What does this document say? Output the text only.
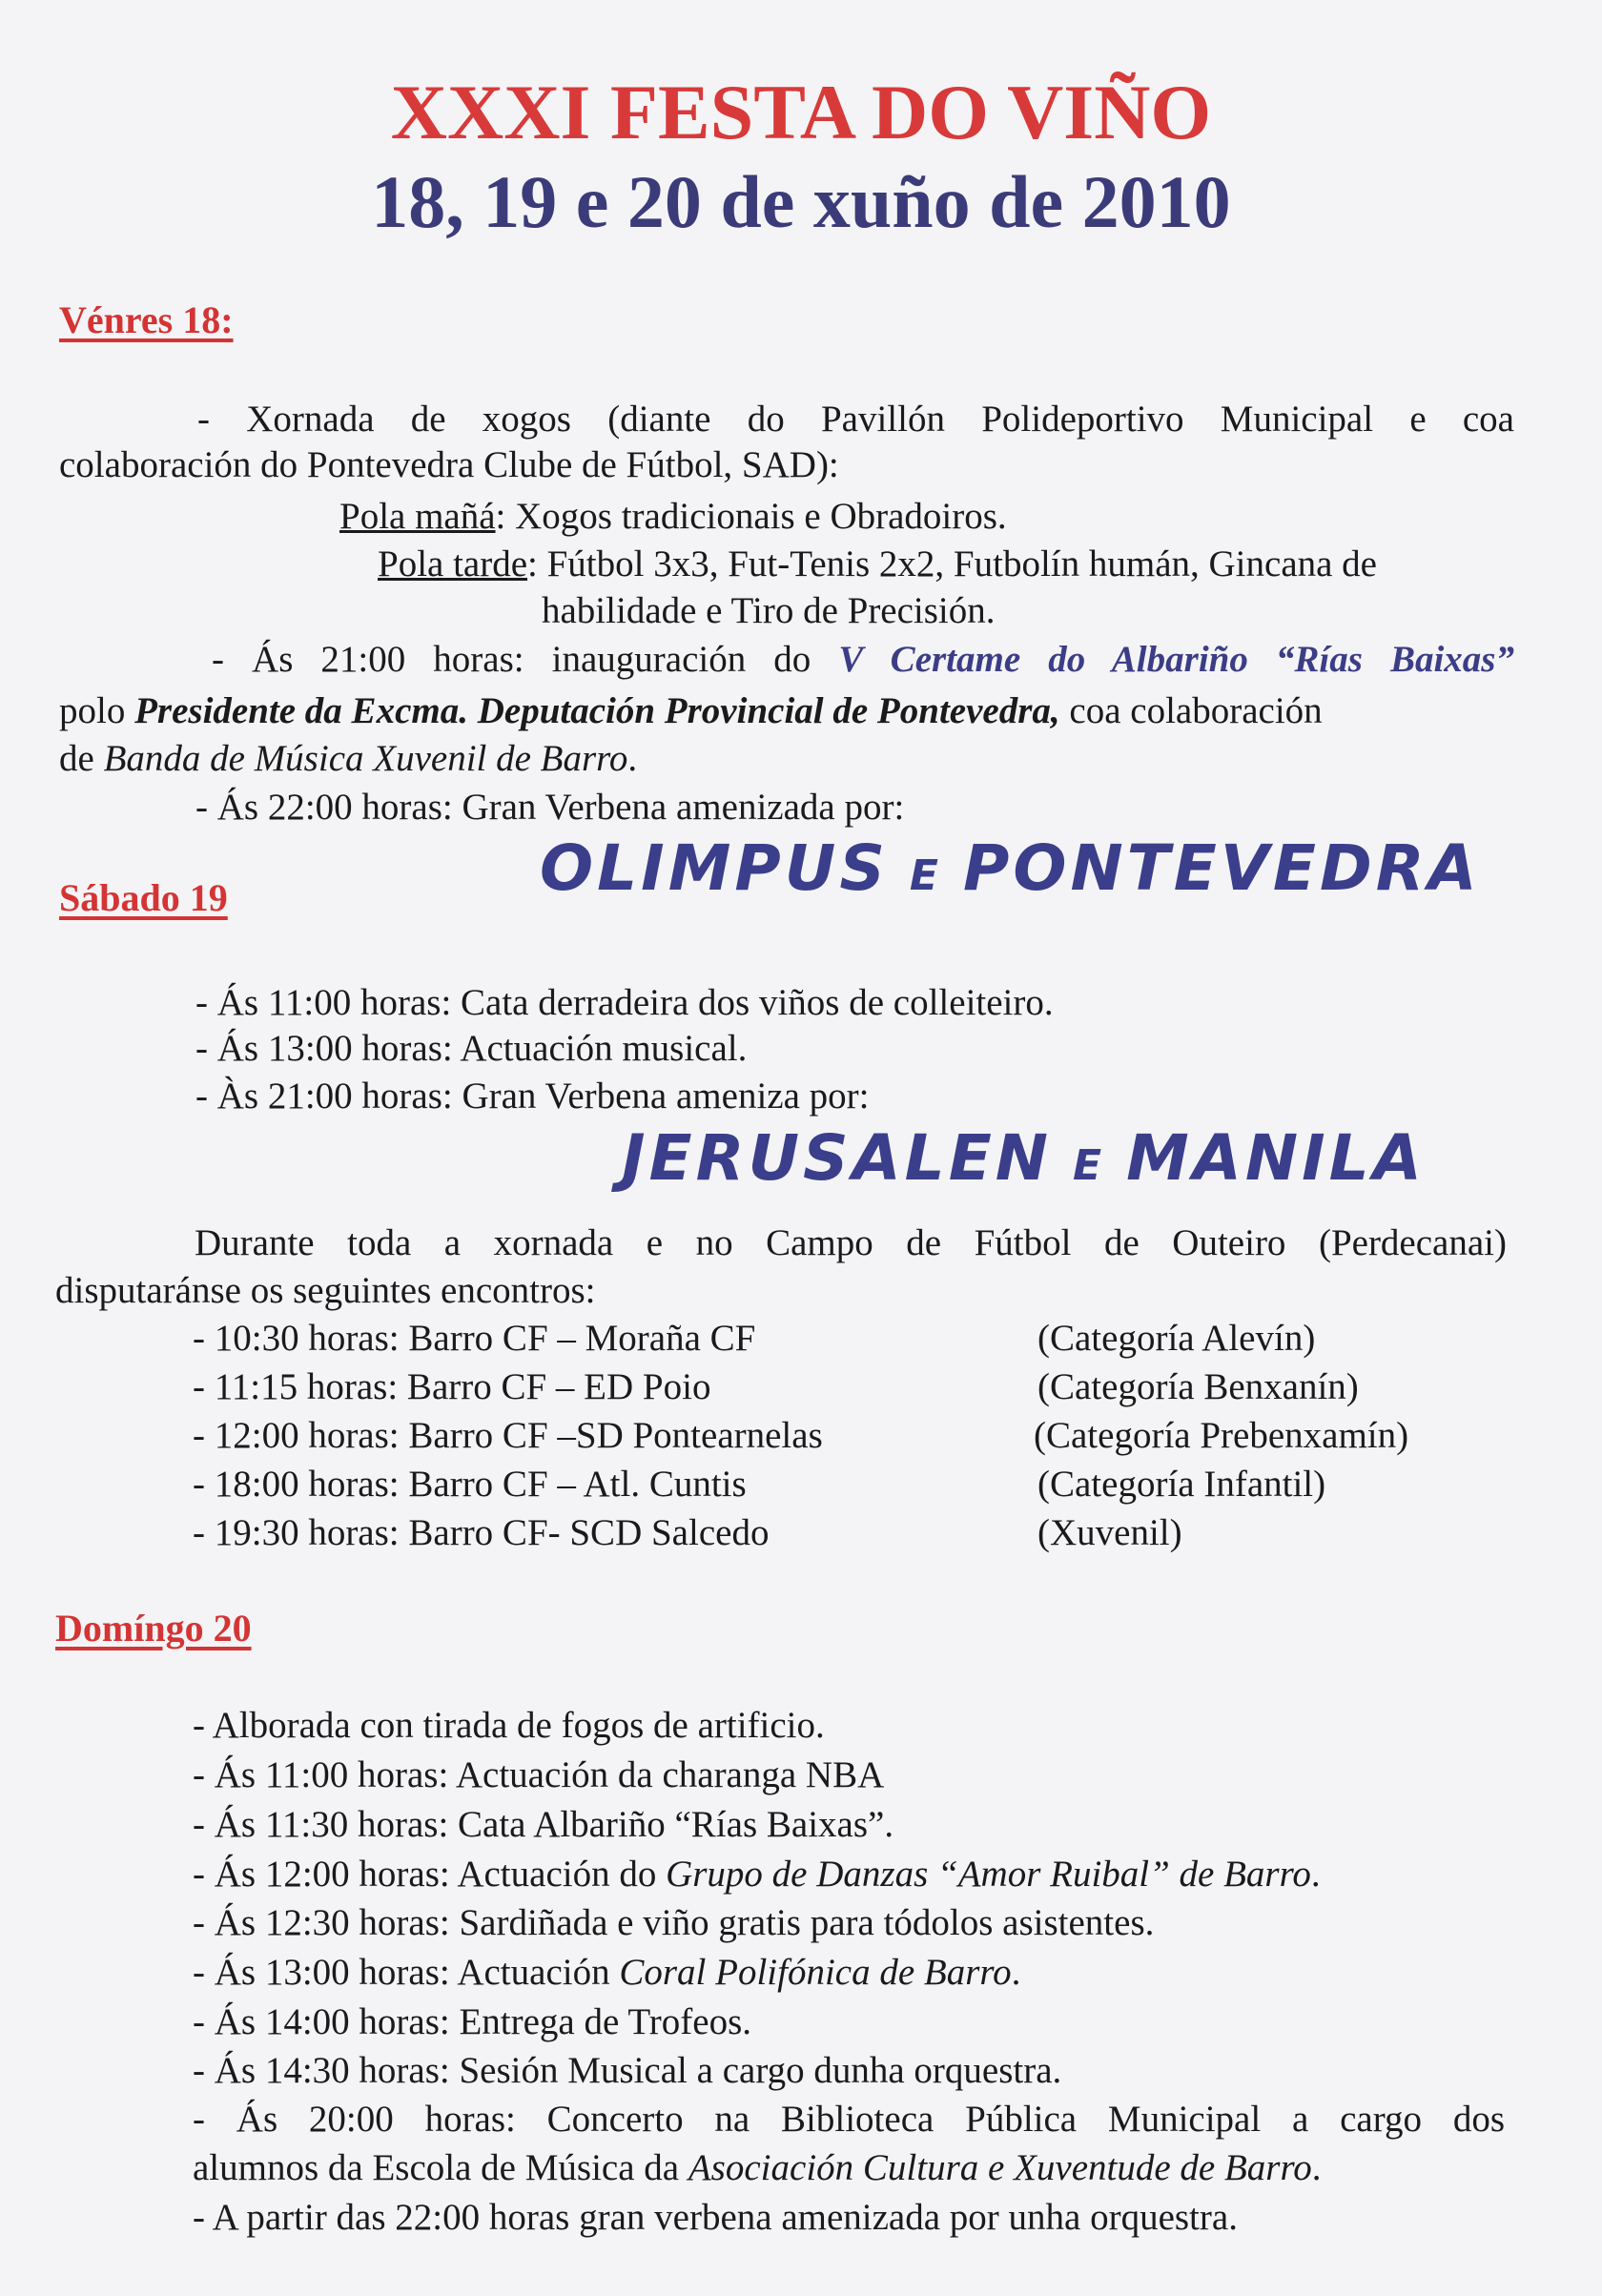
XXXI FESTA DO VIÑO
18, 19 e 20 de xuño de 2010
Vénres 18:
- Xornada de xogos (diante do Pavillón Polideportivo Municipal e coa
colaboración do Pontevedra Clube de Fútbol, SAD):
Pola mañá: Xogos tradicionais e Obradoiros.
Pola tarde: Fútbol 3x3, Fut-Tenis 2x2, Futbolín humán, Gincana de
habilidade e Tiro de Precisión.
- Ás 21:00 horas: inauguración do V Certame do Albariño “Rías Baixas”
polo Presidente da Excma. Deputación Provincial de Pontevedra, coa colaboración
de Banda de Música Xuvenil de Barro.
- Ás 22:00 horas: Gran Verbena amenizada por:
OLIMPUS E PONTEVEDRA
Sábado 19
- Ás 11:00 horas: Cata derradeira dos viños de colleiteiro.
- Ás 13:00 horas: Actuación musical.
- Às 21:00 horas: Gran Verbena ameniza por:
JERUSALEN E MANILA
Durante toda a xornada e no Campo de Fútbol de Outeiro (Perdecanai)
disputaránse os seguintes encontros:
- 10:30 horas: Barro CF – Moraña CF	(Categoría Alevín)
- 11:15 horas: Barro CF – ED Poio	(Categoría Benxanín)
- 12:00 horas: Barro CF –SD Pontearnelas	(Categoría Prebenxamín)
- 18:00 horas: Barro CF – Atl. Cuntis	(Categoría Infantil)
- 19:30 horas: Barro CF- SCD Salcedo	(Xuvenil)
Domíngo 20
- Alborada con tirada de fogos de artificio.
- Ás 11:00 horas: Actuación da charanga NBA
- Ás 11:30 horas: Cata Albariño “Rías Baixas”.
- Ás 12:00 horas: Actuación do Grupo de Danzas “Amor Ruibal” de Barro.
- Ás 12:30 horas: Sardiñada e viño gratis para tódolos asistentes.
- Ás 13:00 horas: Actuación Coral Polifónica de Barro.
- Ás 14:00 horas: Entrega de Trofeos.
- Ás 14:30 horas: Sesión Musical a cargo dunha orquestra.
- Ás 20:00 horas: Concerto na Biblioteca Pública Municipal a cargo dos
alumnos da Escola de Música da Asociación Cultura e Xuventude de Barro.
- A partir das 22:00 horas gran verbena amenizada por unha orquestra.
